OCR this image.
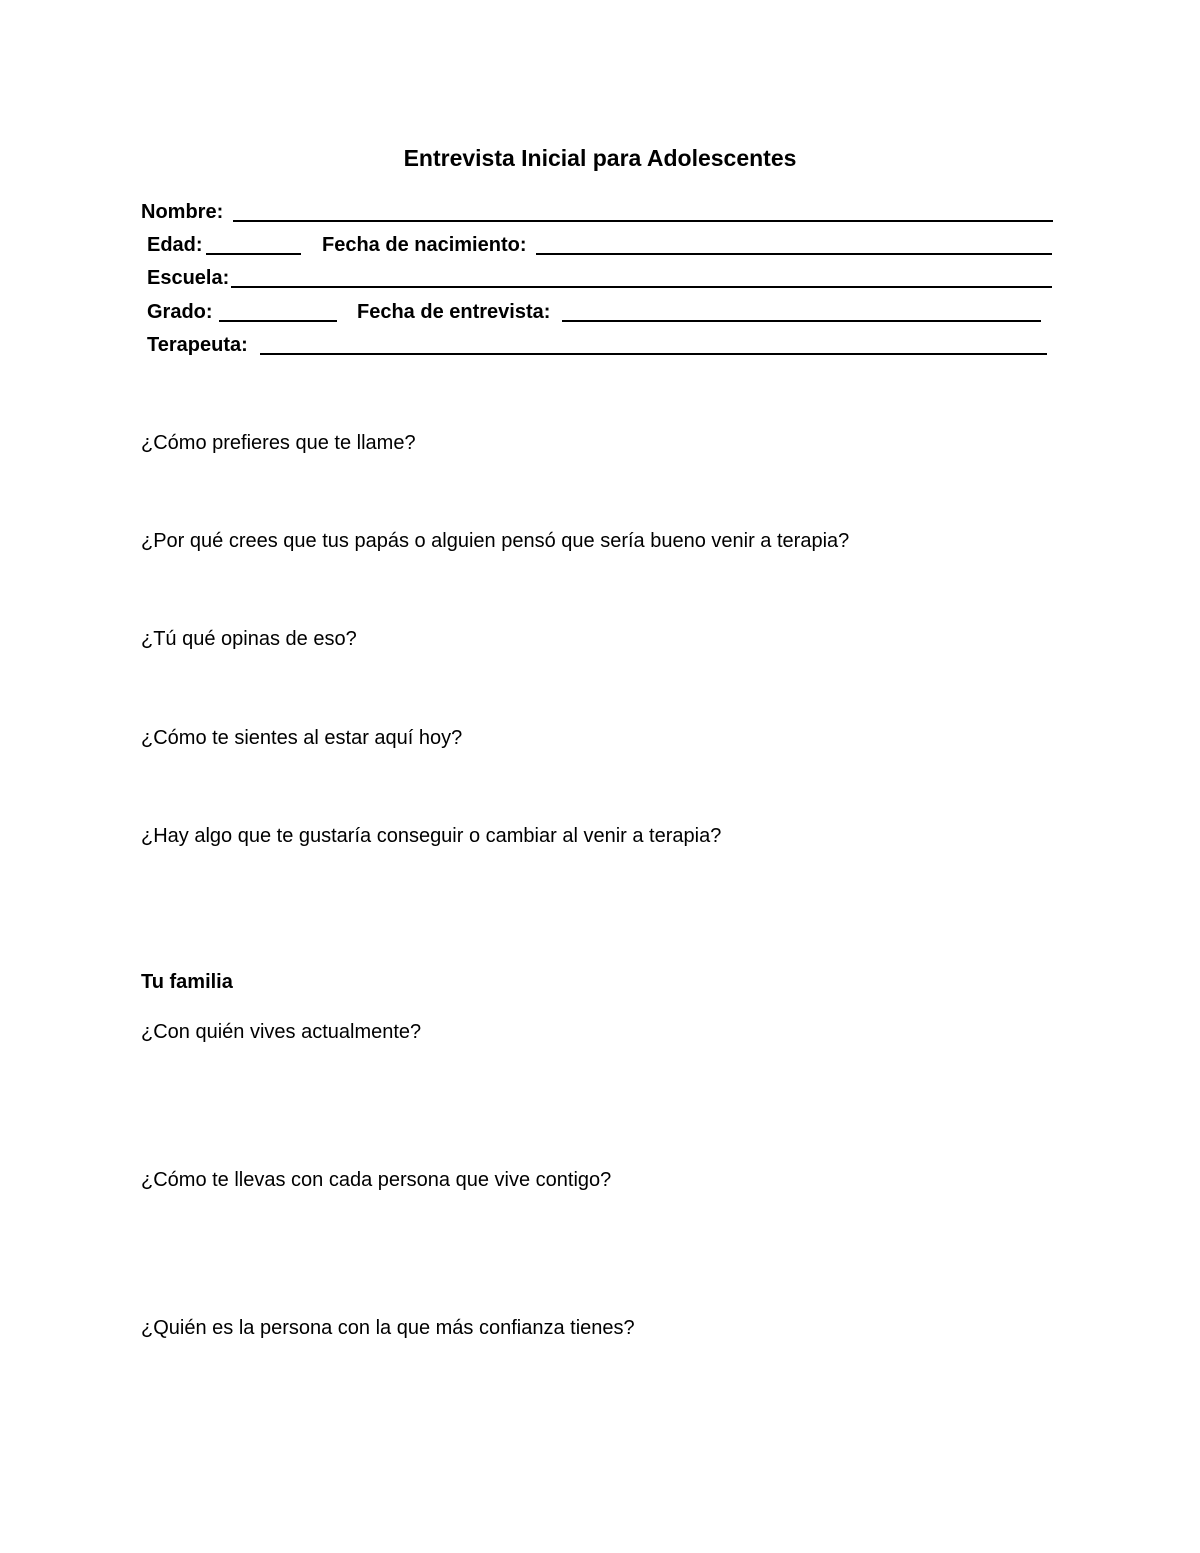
Entrevista Inicial para Adolescentes
Nombre:
Edad:	Fecha de nacimiento:
Escuela:
Grado:	Fecha de entrevista:
Terapeuta:
¿Cómo prefieres que te llame?
¿Por qué crees que tus papás o alguien pensó que sería bueno venir a terapia?
¿Tú qué opinas de eso?
¿Cómo te sientes al estar aquí hoy?
¿Hay algo que te gustaría conseguir o cambiar al venir a terapia?
Tu familia
¿Con quién vives actualmente?
¿Cómo te llevas con cada persona que vive contigo?
¿Quién es la persona con la que más confianza tienes?
